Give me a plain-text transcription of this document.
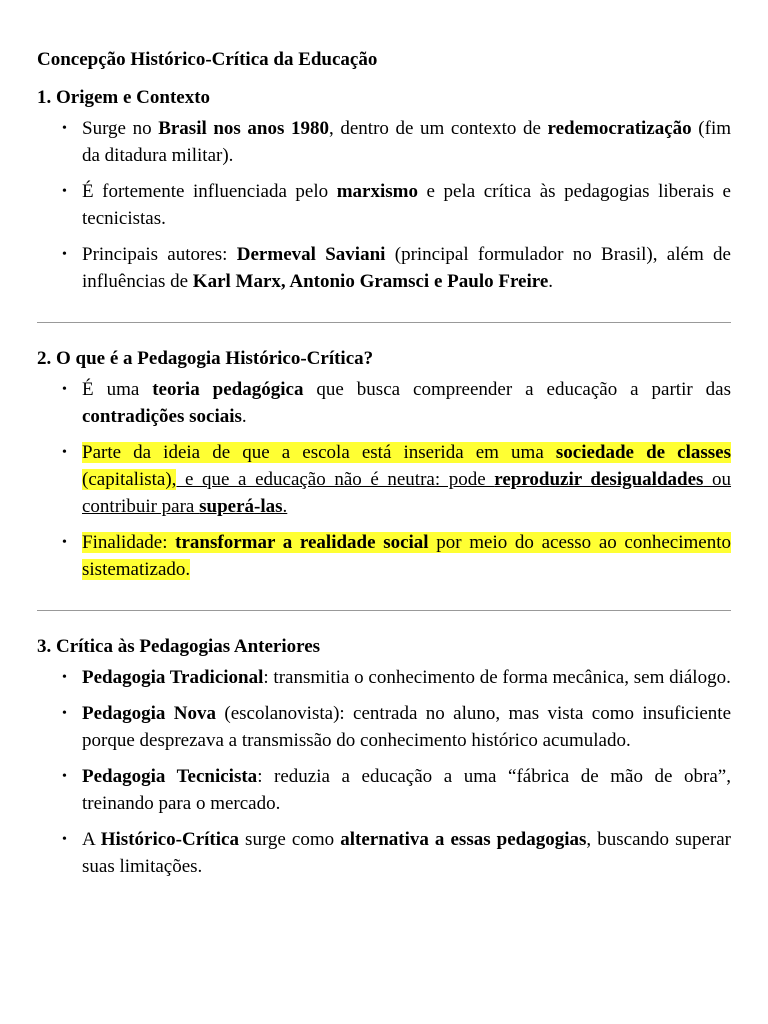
Concepção Histórico-Crítica da Educação
1. Origem e Contexto
• Surge no Brasil nos anos 1980, dentro de um contexto de redemocratização (fim da ditadura militar).
• É fortemente influenciada pelo marxismo e pela crítica às pedagogias liberais e tecnicistas.
• Principais autores: Dermeval Saviani (principal formulador no Brasil), além de influências de Karl Marx, Antonio Gramsci e Paulo Freire.
2. O que é a Pedagogia Histórico-Crítica?
• É uma teoria pedagógica que busca compreender a educação a partir das contradições sociais.
• Parte da ideia de que a escola está inserida em uma sociedade de classes (capitalista), e que a educação não é neutra: pode reproduzir desigualdades ou contribuir para superá-las.
• Finalidade: transformar a realidade social por meio do acesso ao conhecimento sistematizado.
3. Crítica às Pedagogias Anteriores
• Pedagogia Tradicional: transmitia o conhecimento de forma mecânica, sem diálogo.
• Pedagogia Nova (escolanovista): centrada no aluno, mas vista como insuficiente porque desprezava a transmissão do conhecimento histórico acumulado.
• Pedagogia Tecnicista: reduzia a educação a uma “fábrica de mão de obra”, treinando para o mercado.
• A Histórico-Crítica surge como alternativa a essas pedagogias, buscando superar suas limitações.
